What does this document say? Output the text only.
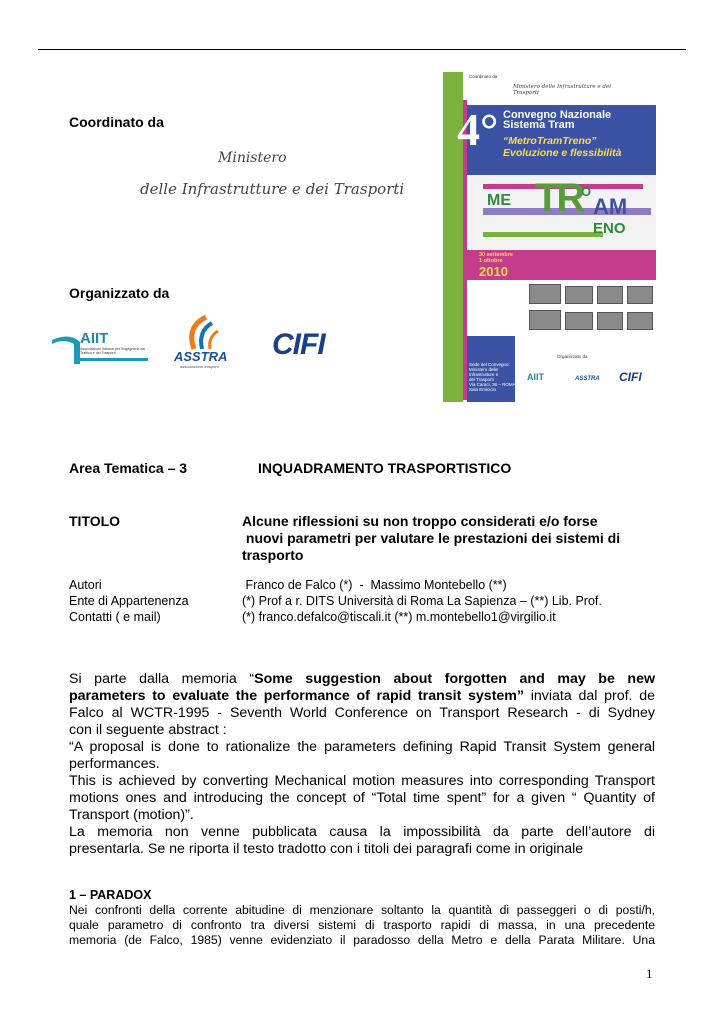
Coordinato da
Ministero
delle Infrastrutture e dei Trasporti
Organizzato da
AIIT
Associazione Italiana per l'Ingegneria del Traffico e dei Trasporti	ASSTRA
associazione trasporti
CIFI
Coordinato da
Ministero delle Infrastrutture e dei Trasporti
4° Convegno Nazionale
Sistema Tram
“MetroTramTreno”
Evoluzione e flessibilità
ME TR
O
AM
ENO
30 settembre
1 ottobre
2010
Sede del Convegno:
Ministero delle
Infrastrutture e
dei Trasporti
Via Caraci, 36 – ROMA
Sala Emiciclo
Organizzato da
AIIT	ASSTRA CIFI
Area Tematica – 3	INQUADRAMENTO TRASPORTISTICO
TITOLO	Alcune riflessioni su non troppo considerati e/o forse
nuovi parametri per valutare le prestazioni dei sistemi di
trasporto
Autori	Franco de Falco (*)  -  Massimo Montebello (**)
Ente di Appartenenza	(*) Prof a r. DITS Università di Roma La Sapienza – (**) Lib. Prof.
Contatti ( e mail)	(*) franco.defalco@tiscali.it (**) m.montebello1@virgilio.it
Si parte dalla memoria “Some suggestion about forgotten and may be new
parameters to evaluate the performance of rapid transit system” inviata dal prof. de
Falco al WCTR-1995 - Seventh World Conference on Transport Research - di Sydney
con il seguente abstract :
“A proposal is done to rationalize the parameters defining Rapid Transit System general
performances.
This is achieved by converting Mechanical motion measures into corresponding Transport
motions ones and introducing the concept of “Total time spent” for a given “ Quantity of
Transport (motion)”.
La memoria non venne pubblicata causa la impossibilità da parte dell’autore di
presentarla. Se ne riporta il testo tradotto con i titoli dei paragrafi come in originale
1 – PARADOX
Nei confronti della corrente abitudine di menzionare soltanto la quantità di passeggeri o di posti/h,
quale parametro di confronto tra diversi sistemi di trasporto rapidi di massa, in una precedente
memoria (de Falco, 1985) venne evidenziato il paradosso della Metro e della Parata Militare. Una
1
